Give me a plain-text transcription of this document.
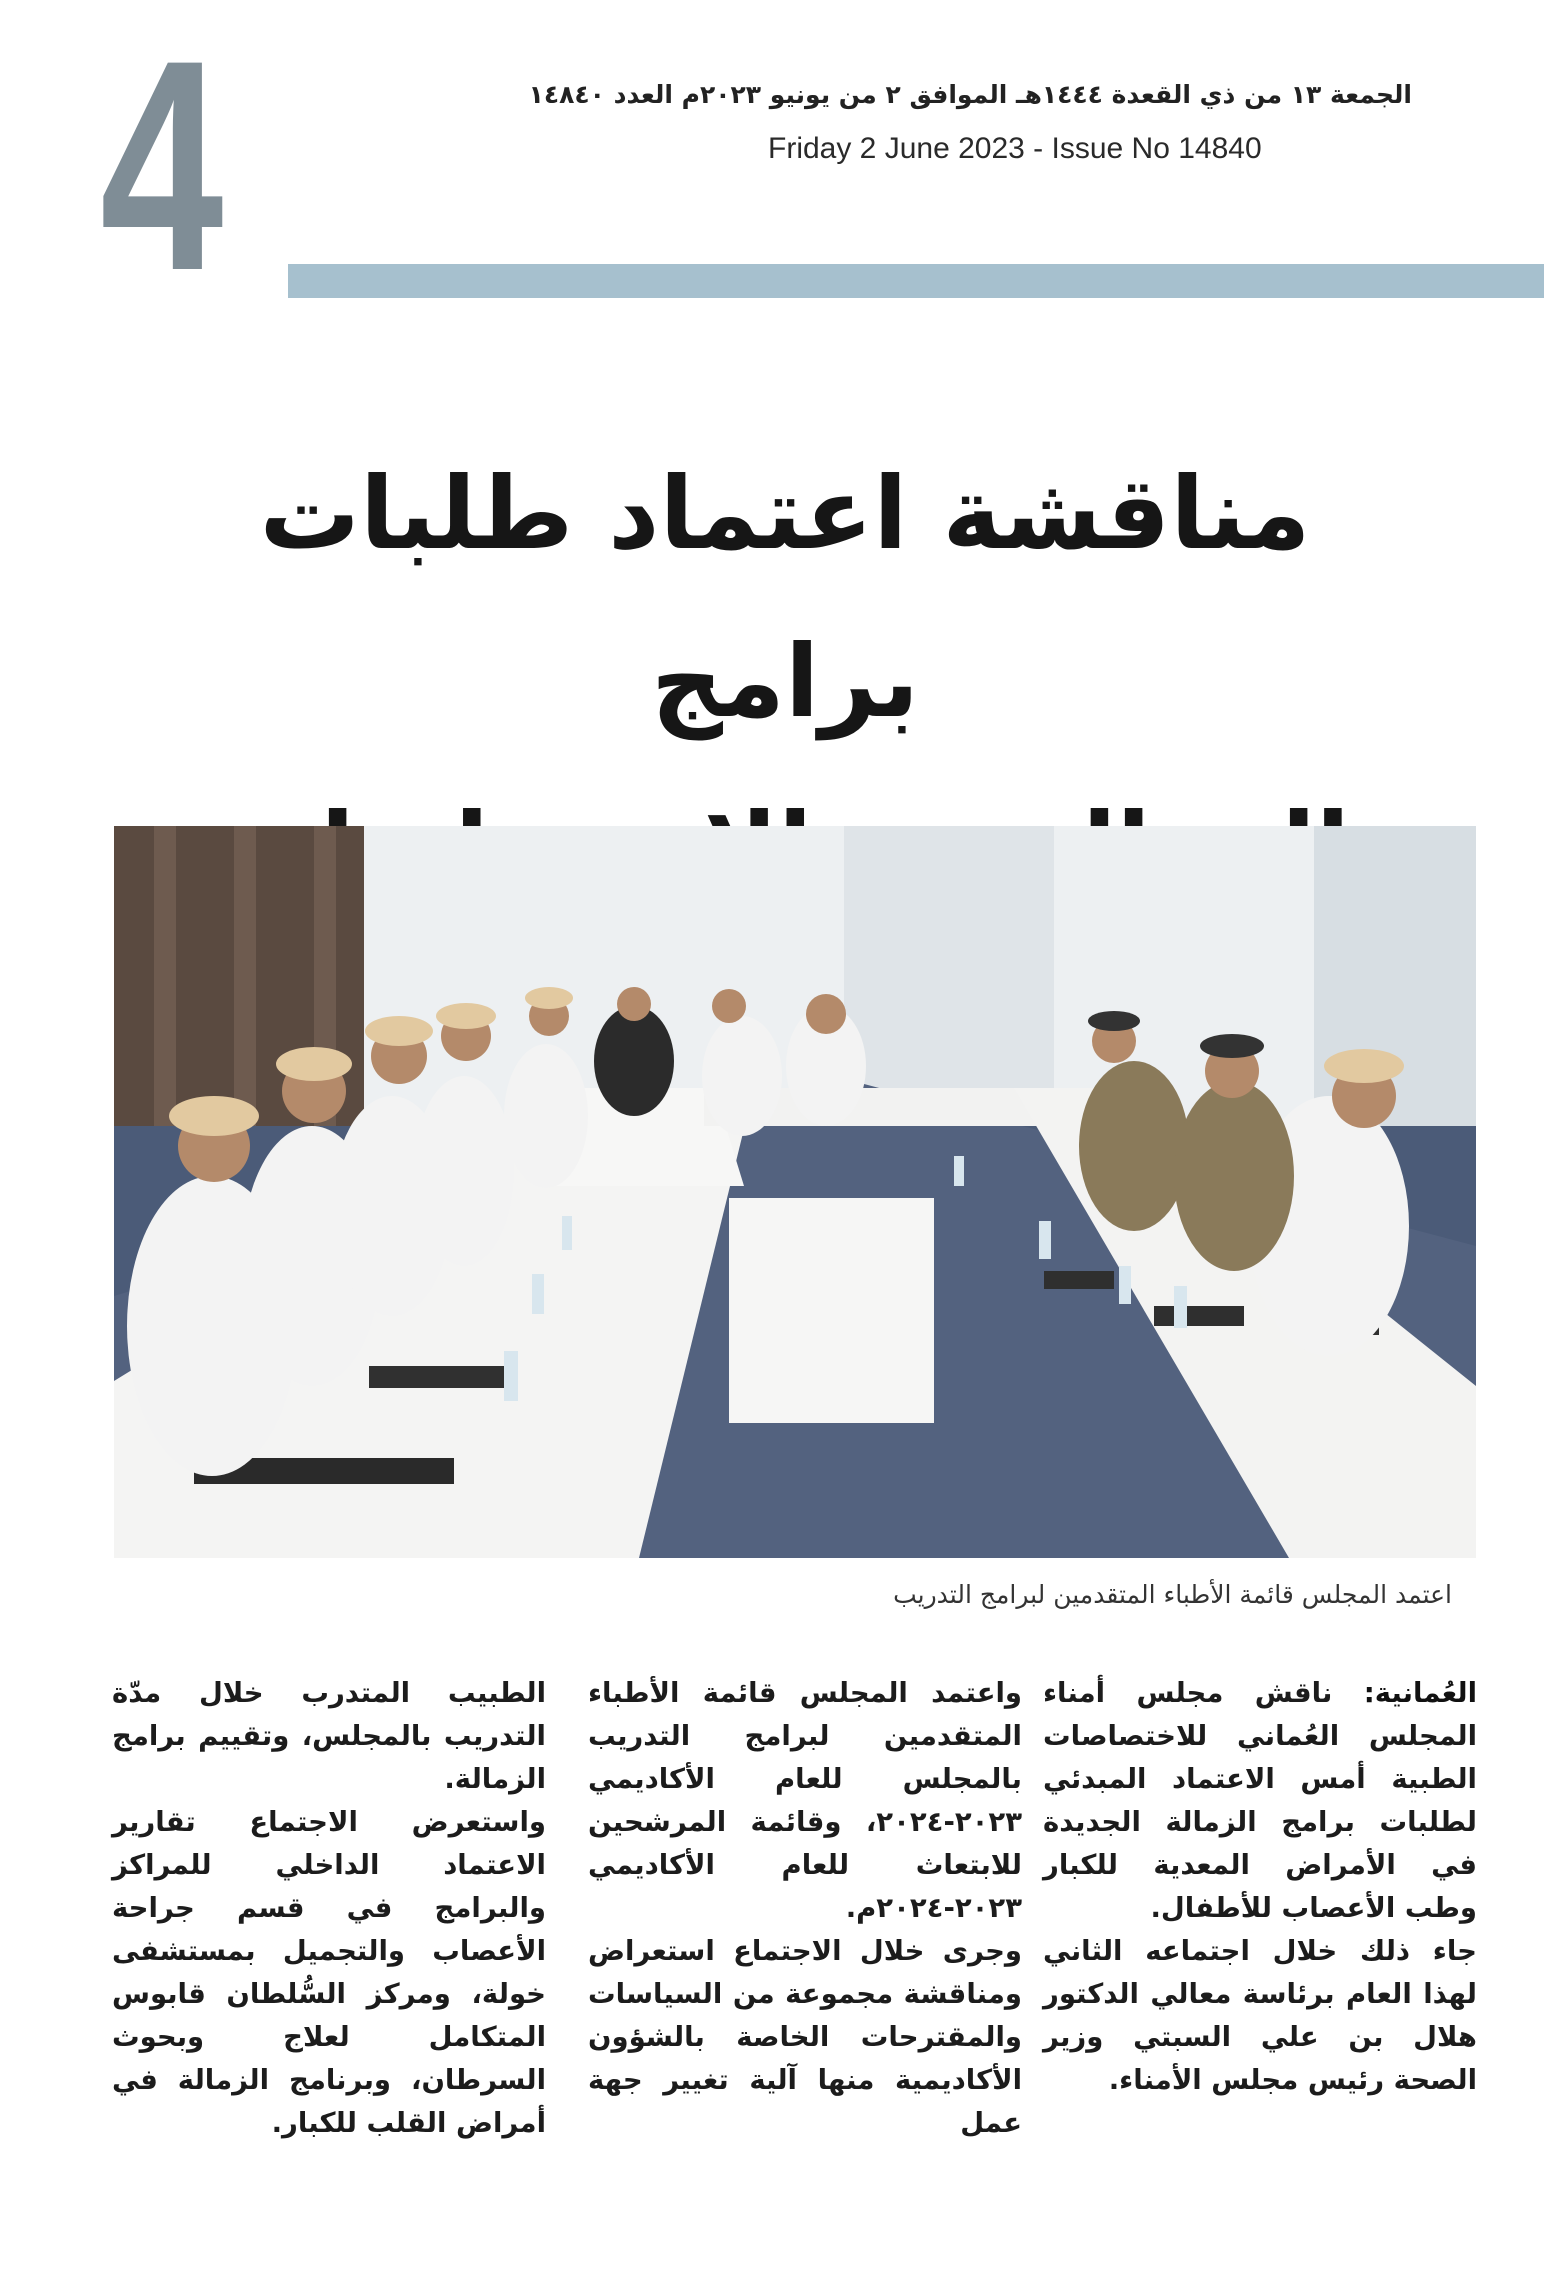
4	الجمعة ١٣ من ذي القعدة ١٤٤٤هـ الموافق ٢ من يونيو ٢٠٢٣م العدد ١٤٨٤٠
Friday 2 June 2023 - Issue No 14840
مناقشة اعتماد طلبات برامج
اعتمد المجلس قائمة الأطباء المتقدمين لبرامج التدريب

العُمانية: ناقش مجلس أمناء المجلس العُماني للاختصاصات الطبية أمس الاعتماد المبدئي لطلبات برامج الزمالة الجديدة في الأمراض المعدية للكبار وطب الأعصاب للأطفال.

جاء ذلك خلال اجتماعه الثاني لهذا العام برئاسة معالي الدكتور هلال بن علي السبتي وزير الصحة رئيس مجلس الأمناء.

واعتمد المجلس قائمة الأطباء المتقدمين لبرامج التدريب بالمجلس للعام الأكاديمي ٢٠٢٣-٢٠٢٤، وقائمة المرشحين للابتعاث للعام الأكاديمي ٢٠٢٣-٢٠٢٤م.

وجرى خلال الاجتماع استعراض ومناقشة مجموعة من السياسات والمقترحات الخاصة بالشؤون الأكاديمية منها آلية تغيير جهة عمل

الطبيب المتدرب خلال مدّة التدريب بالمجلس، وتقييم برامج الزمالة.

واستعرض الاجتماع تقارير الاعتماد الداخلي للمراكز والبرامج في قسم جراحة الأعصاب والتجميل بمستشفى خولة، ومركز السُّلطان قابوس المتكامل لعلاج وبحوث السرطان، وبرنامج الزمالة في أمراض القلب للكبار.
